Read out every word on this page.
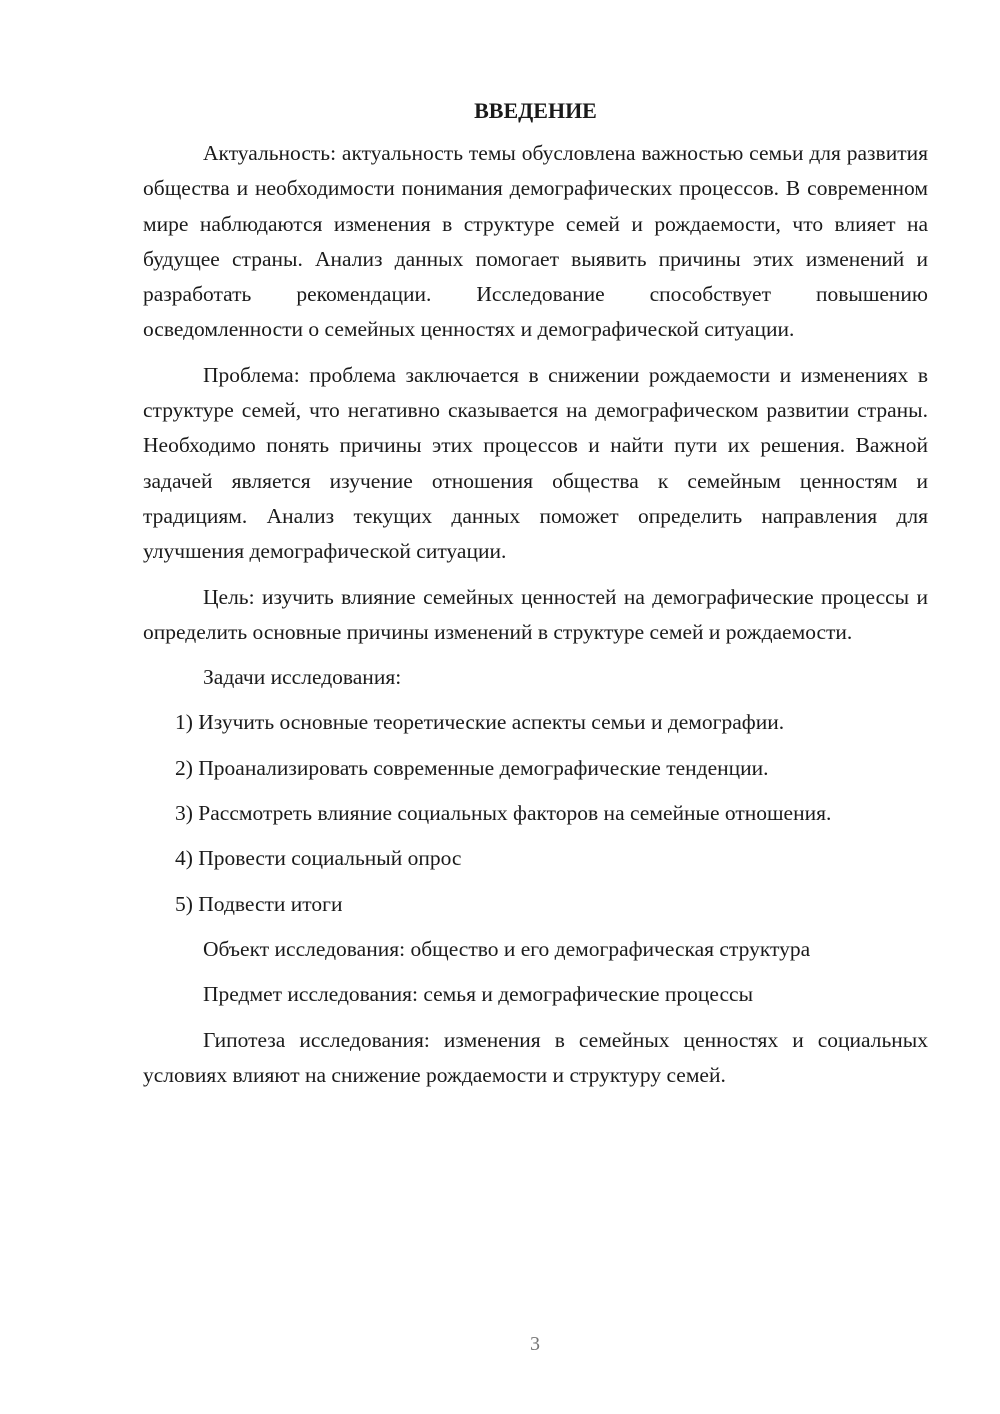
ВВЕДЕНИЕ

Актуальность: актуальность темы обусловлена важностью семьи для развития общества и необходимости понимания демографических процессов. В современном мире наблюдаются изменения в структуре семей и рождаемости, что влияет на будущее страны. Анализ данных помогает выявить причины этих изменений и разработать рекомендации. Исследование способствует повышению осведомленности о семейных ценностях и демографической ситуации.

Проблема: проблема заключается в снижении рождаемости и изменениях в структуре семей, что негативно сказывается на демографическом развитии страны. Необходимо понять причины этих процессов и найти пути их решения. Важной задачей является изучение отношения общества к семейным ценностям и традициям. Анализ текущих данных поможет определить направления для улучшения демографической ситуации.

Цель: изучить влияние семейных ценностей на демографические процессы и определить основные причины изменений в структуре семей и рождаемости.

Задачи исследования:

1) Изучить основные теоретические аспекты семьи и демографии.

2) Проанализировать современные демографические тенденции.

3) Рассмотреть влияние социальных факторов на семейные отношения.

4) Провести социальный опрос

5) Подвести итоги

Объект исследования: общество и его демографическая структура

Предмет исследования: семья и демографические процессы

Гипотеза исследования: изменения в семейных ценностях и социальных условиях влияют на снижение рождаемости и структуру семей.

3
